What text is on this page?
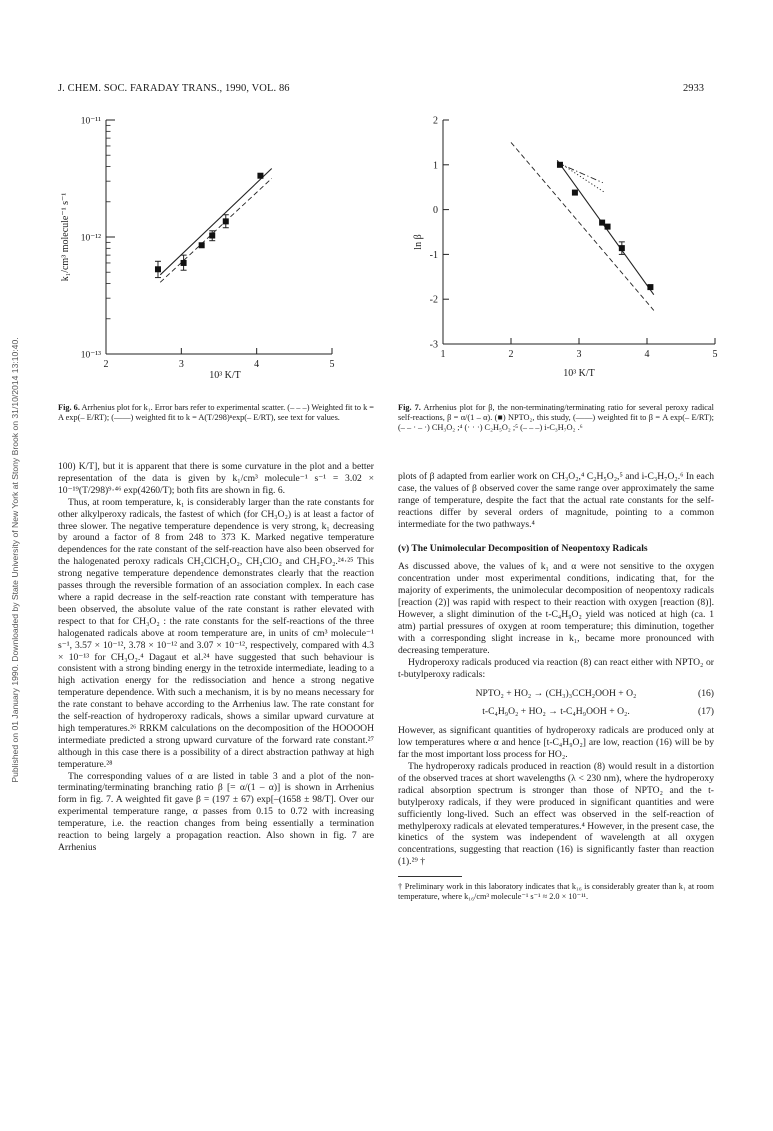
Published on 01 January 1990. Downloaded by State University of New York at Stony Brook on 31/10/2014 13:10:40.
J. CHEM. SOC. FARADAY TRANS., 1990, VOL. 86	2933
2	3	4	5
10⁻¹³
10⁻¹²
10⁻¹¹
10³ K/T
k₁/cm³ molecule⁻¹ s⁻¹
Fig. 6. Arrhenius plot for k₁. Error bars refer to experimental scatter. (– – –) Weighted fit to k = A exp(– E/RT); (——) weighted fit to k = A(T/298)ⁿexp(– E/RT), see text for values.
1	2	3	4	5
-3
-2
-1
0
1
2
10³ K/T
ln β
Fig. 7. Arrhenius plot for β, the non-terminating/terminating ratio for several peroxy radical self-reactions, β = α/(1 – α). (■) NPTO₂, this study, (——) weighted fit to β = A exp(– E/RT); (– – · – ·) CH₃O₂ ;⁴ (· · ·) C₂H₅O₂ ;⁵ (– – –) i-C₃H₇O₂ .⁶

100) K/T], but it is apparent that there is some curvature in the plot and a better representation of the data is given by k₁/cm³ molecule⁻¹ s⁻¹ = 3.02 × 10⁻¹⁹(T/298)⁹·⁴⁶ exp(4260/T); both fits are shown in fig. 6.

Thus, at room temperature, k₁ is considerably larger than the rate constants for other alkylperoxy radicals, the fastest of which (for CH₃O₂) is at least a factor of three slower. The negative temperature dependence is very strong, k₁ decreasing by around a factor of 8 from 248 to 373 K. Marked negative temperature dependences for the rate constant of the self-reaction have also been observed for the halogenated peroxy radicals CH₂ClCH₂O₂, CH₂ClO₂ and CH₂FO₂.²⁴·²⁵ This strong negative temperature dependence demonstrates clearly that the reaction passes through the reversible formation of an association complex. In each case where a rapid decrease in the self-reaction rate constant with temperature has been observed, the absolute value of the rate constant is rather elevated with respect to that for CH₃O₂ : the rate constants for the self-reactions of the three halogenated radicals above at room temperature are, in units of cm³ molecule⁻¹ s⁻¹, 3.57 × 10⁻¹², 3.78 × 10⁻¹² and 3.07 × 10⁻¹², respectively, compared with 4.3 × 10⁻¹³ for CH₃O₂.⁴ Dagaut et al.²⁴ have suggested that such behaviour is consistent with a strong binding energy in the tetroxide intermediate, leading to a high activation energy for the redissociation and hence a strong negative temperature dependence. With such a mechanism, it is by no means necessary for the rate constant to behave according to the Arrhenius law. The rate constant for the self-reaction of hydroperoxy radicals, shows a similar upward curvature at high temperatures.²⁶ RRKM calculations on the decomposition of the HOOOOH intermediate predicted a strong upward curvature of the forward rate constant.²⁷ although in this case there is a possibility of a direct abstraction pathway at high temperature.²⁸

The corresponding values of α are listed in table 3 and a plot of the non-terminating/terminating branching ratio β [= α/(1 – α)] is shown in Arrhenius form in fig. 7. A weighted fit gave β = (197 ± 67) exp[–(1658 ± 98/T]. Over our experimental temperature range, α passes from 0.15 to 0.72 with increasing temperature, i.e. the reaction changes from being essentially a termination reaction to being largely a propagation reaction. Also shown in fig. 7 are Arrhenius

plots of β adapted from earlier work on CH₃O₂,⁴ C₂H₅O₂,⁵ and i-C₃H₇O₂.⁶ In each case, the values of β observed cover the same range over approximately the same range of temperature, despite the fact that the actual rate constants for the self-reactions differ by several orders of magnitude, pointing to a common intermediate for the two pathways.⁴

(v) The Unimolecular Decomposition of Neopentoxy Radicals

As discussed above, the values of k₁ and α were not sensitive to the oxygen concentration under most experimental conditions, indicating that, for the majority of experiments, the unimolecular decomposition of neopentoxy radicals [reaction (2)] was rapid with respect to their reaction with oxygen [reaction (8)]. However, a slight diminution of the t-C₄H₉O₂ yield was noticed at high (ca. 1 atm) partial pressures of oxygen at room temperature; this diminution, together with a corresponding slight increase in k₁, became more pronounced with decreasing temperature.

Hydroperoxy radicals produced via reaction (8) can react either with NPTO₂ or t-butylperoxy radicals:

NPTO₂ + HO₂ → (CH₃)₃CCH₂OOH + O₂	(16)
t-C₄H₉O₂ + HO₂ → t-C₄H₉OOH + O₂.	(17)

However, as significant quantities of hydroperoxy radicals are produced only at low temperatures where α and hence [t-C₄H₉O₂] are low, reaction (16) will be by far the most important loss process for HO₂.

The hydroperoxy radicals produced in reaction (8) would result in a distortion of the observed traces at short wavelengths (λ < 230 nm), where the hydroperoxy radical absorption spectrum is stronger than those of NPTO₂ and the t-butylperoxy radicals, if they were produced in significant quantities and were sufficiently long-lived. Such an effect was observed in the self-reaction of methylperoxy radicals at elevated temperatures.⁴ However, in the present case, the kinetics of the system was independent of wavelength at all oxygen concentrations, suggesting that reaction (16) is significantly faster than reaction (1).²⁹ †

† Preliminary work in this laboratory indicates that k₁₆ is considerably greater than k₁ at room temperature, where k₁₆/cm³ molecule⁻¹ s⁻¹ ≈ 2.0 × 10⁻¹¹.
